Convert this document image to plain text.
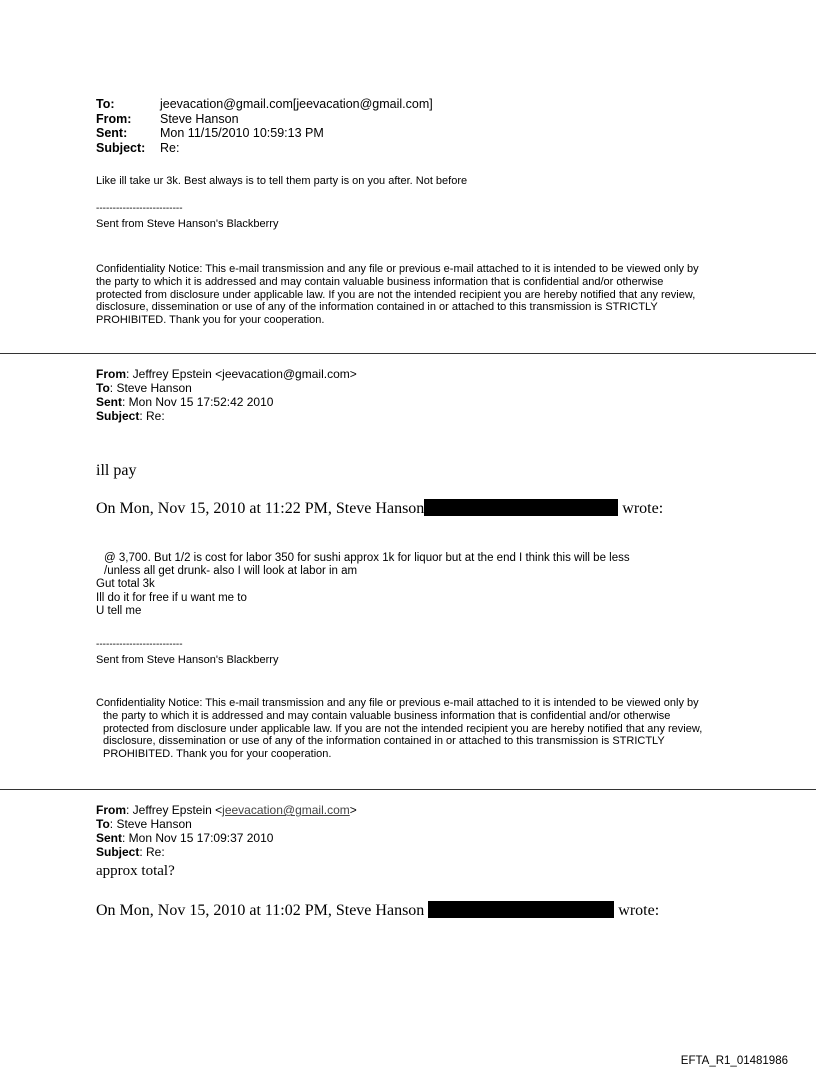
To:	jeevacation@gmail.com[jeevacation@gmail.com]
From:	Steve Hanson
Sent:	Mon 11/15/2010 10:59:13 PM
Subject:	Re:
Like ill take ur 3k. Best always is to tell them party is on you after. Not before
--------------------------
Sent from Steve Hanson's Blackberry
Confidentiality Notice: This e-mail transmission and any file or previous e-mail attached to it is intended to be viewed only by the party to which it is addressed and may contain valuable business information that is confidential and/or otherwise protected from disclosure under applicable law. If you are not the intended recipient you are hereby notified that any review, disclosure, dissemination or use of any of the information contained in or attached to this transmission is STRICTLY PROHIBITED. Thank you for your cooperation.
From: Jeffrey Epstein <jeevacation@gmail.com>
To: Steve Hanson
Sent: Mon Nov 15 17:52:42 2010
Subject: Re:
ill pay
On Mon, Nov 15, 2010 at 11:22 PM, Steve Hanson	wrote:
@ 3,700. But 1/2 is cost for labor 350 for sushi approx 1k for liquor but at the end I think this will be less
/unless all get drunk- also I will look at labor in am
Gut total 3k
Ill do it for free if u want me to
U tell me
--------------------------
Sent from Steve Hanson's Blackberry
Confidentiality Notice: This e-mail transmission and any file or previous e-mail attached to it is intended to be viewed only by the party to which it is addressed and may contain valuable business information that is confidential and/or otherwise protected from disclosure under applicable law. If you are not the intended recipient you are hereby notified that any review, disclosure, dissemination or use of any of the information contained in or attached to this transmission is STRICTLY PROHIBITED. Thank you for your cooperation.
From: Jeffrey Epstein <jeevacation@gmail.com>
To: Steve Hanson
Sent: Mon Nov 15 17:09:37 2010
Subject: Re:
approx total?
On Mon, Nov 15, 2010 at 11:02 PM, Steve Hanson	wrote:
EFTA_R1_01481986
